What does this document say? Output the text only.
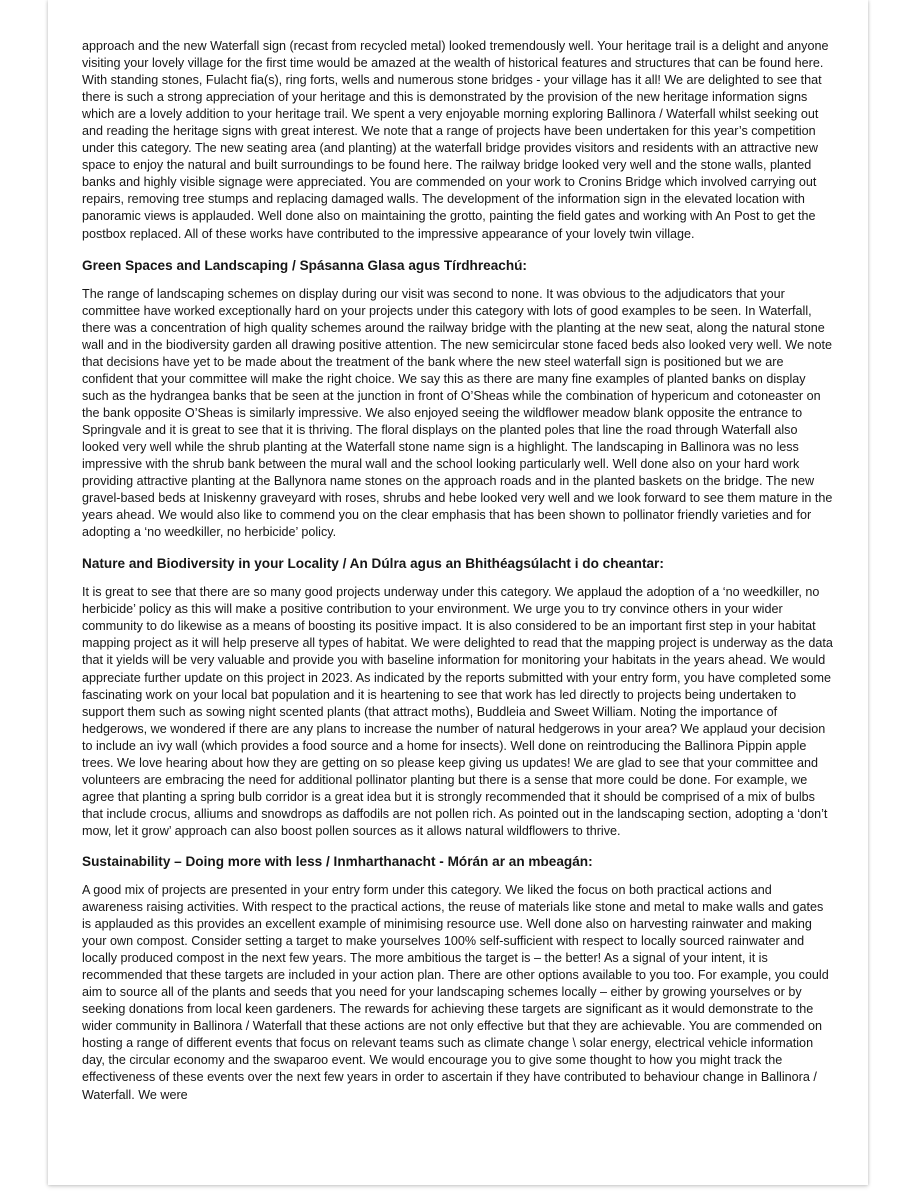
approach and the new Waterfall sign (recast from recycled metal) looked tremendously well. Your heritage trail is a delight and anyone visiting your lovely village for the first time would be amazed at the wealth of historical features and structures that can be found here. With standing stones, Fulacht fia(s), ring forts, wells and numerous stone bridges - your village has it all! We are delighted to see that there is such a strong appreciation of your heritage and this is demonstrated by the provision of the new heritage information signs which are a lovely addition to your heritage trail. We spent a very enjoyable morning exploring Ballinora / Waterfall whilst seeking out and reading the heritage signs with great interest. We note that a range of projects have been undertaken for this year’s competition under this category. The new seating area (and planting) at the waterfall bridge provides visitors and residents with an attractive new space to enjoy the natural and built surroundings to be found here. The railway bridge looked very well and the stone walls, planted banks and highly visible signage were appreciated. You are commended on your work to Cronins Bridge which involved carrying out repairs, removing tree stumps and replacing damaged walls. The development of the information sign in the elevated location with panoramic views is applauded. Well done also on maintaining the grotto, painting the field gates and working with An Post to get the postbox replaced. All of these works have contributed to the impressive appearance of your lovely twin village.

Green Spaces and Landscaping / Spásanna Glasa agus Tírdhreachú:

The range of landscaping schemes on display during our visit was second to none. It was obvious to the adjudicators that your committee have worked exceptionally hard on your projects under this category with lots of good examples to be seen. In Waterfall, there was a concentration of high quality schemes around the railway bridge with the planting at the new seat, along the natural stone wall and in the biodiversity garden all drawing positive attention. The new semicircular stone faced beds also looked very well. We note that decisions have yet to be made about the treatment of the bank where the new steel waterfall sign is positioned but we are confident that your committee will make the right choice. We say this as there are many fine examples of planted banks on display such as the hydrangea banks that be seen at the junction in front of O’Sheas while the combination of hypericum and cotoneaster on the bank opposite O’Sheas is similarly impressive. We also enjoyed seeing the wildflower meadow blank opposite the entrance to Springvale and it is great to see that it is thriving. The floral displays on the planted poles that line the road through Waterfall also looked very well while the shrub planting at the Waterfall stone name sign is a highlight. The landscaping in Ballinora was no less impressive with the shrub bank between the mural wall and the school looking particularly well. Well done also on your hard work providing attractive planting at the Ballynora name stones on the approach roads and in the planted baskets on the bridge. The new gravel-based beds at Iniskenny graveyard with roses, shrubs and hebe looked very well and we look forward to see them mature in the years ahead. We would also like to commend you on the clear emphasis that has been shown to pollinator friendly varieties and for adopting a ‘no weedkiller, no herbicide’ policy.

Nature and Biodiversity in your Locality / An Dúlra agus an Bhithéagsúlacht i do cheantar:

It is great to see that there are so many good projects underway under this category. We applaud the adoption of a ‘no weedkiller, no herbicide’ policy as this will make a positive contribution to your environment. We urge you to try convince others in your wider community to do likewise as a means of boosting its positive impact. It is also considered to be an important first step in your habitat mapping project as it will help preserve all types of habitat. We were delighted to read that the mapping project is underway as the data that it yields will be very valuable and provide you with baseline information for monitoring your habitats in the years ahead. We would appreciate further update on this project in 2023. As indicated by the reports submitted with your entry form, you have completed some fascinating work on your local bat population and it is heartening to see that work has led directly to projects being undertaken to support them such as sowing night scented plants (that attract moths), Buddleia and Sweet William. Noting the importance of hedgerows, we wondered if there are any plans to increase the number of natural hedgerows in your area? We applaud your decision to include an ivy wall (which provides a food source and a home for insects). Well done on reintroducing the Ballinora Pippin apple trees. We love hearing about how they are getting on so please keep giving us updates! We are glad to see that your committee and volunteers are embracing the need for additional pollinator planting but there is a sense that more could be done. For example, we agree that planting a spring bulb corridor is a great idea but it is strongly recommended that it should be comprised of a mix of bulbs that include crocus, alliums and snowdrops as daffodils are not pollen rich. As pointed out in the landscaping section, adopting a ‘don’t mow, let it grow’ approach can also boost pollen sources as it allows natural wildflowers to thrive.

Sustainability – Doing more with less / Inmharthanacht - Mórán ar an mbeagán:

A good mix of projects are presented in your entry form under this category. We liked the focus on both practical actions and awareness raising activities. With respect to the practical actions, the reuse of materials like stone and metal to make walls and gates is applauded as this provides an excellent example of minimising resource use. Well done also on harvesting rainwater and making your own compost. Consider setting a target to make yourselves 100% self-sufficient with respect to locally sourced rainwater and locally produced compost in the next few years. The more ambitious the target is – the better! As a signal of your intent, it is recommended that these targets are included in your action plan. There are other options available to you too. For example, you could aim to source all of the plants and seeds that you need for your landscaping schemes locally – either by growing yourselves or by seeking donations from local keen gardeners. The rewards for achieving these targets are significant as it would demonstrate to the wider community in Ballinora / Waterfall that these actions are not only effective but that they are achievable. You are commended on hosting a range of different events that focus on relevant teams such as climate change \ solar energy, electrical vehicle information day, the circular economy and the swaparoo event. We would encourage you to give some thought to how you might track the effectiveness of these events over the next few years in order to ascertain if they have contributed to behaviour change in Ballinora / Waterfall. We were
